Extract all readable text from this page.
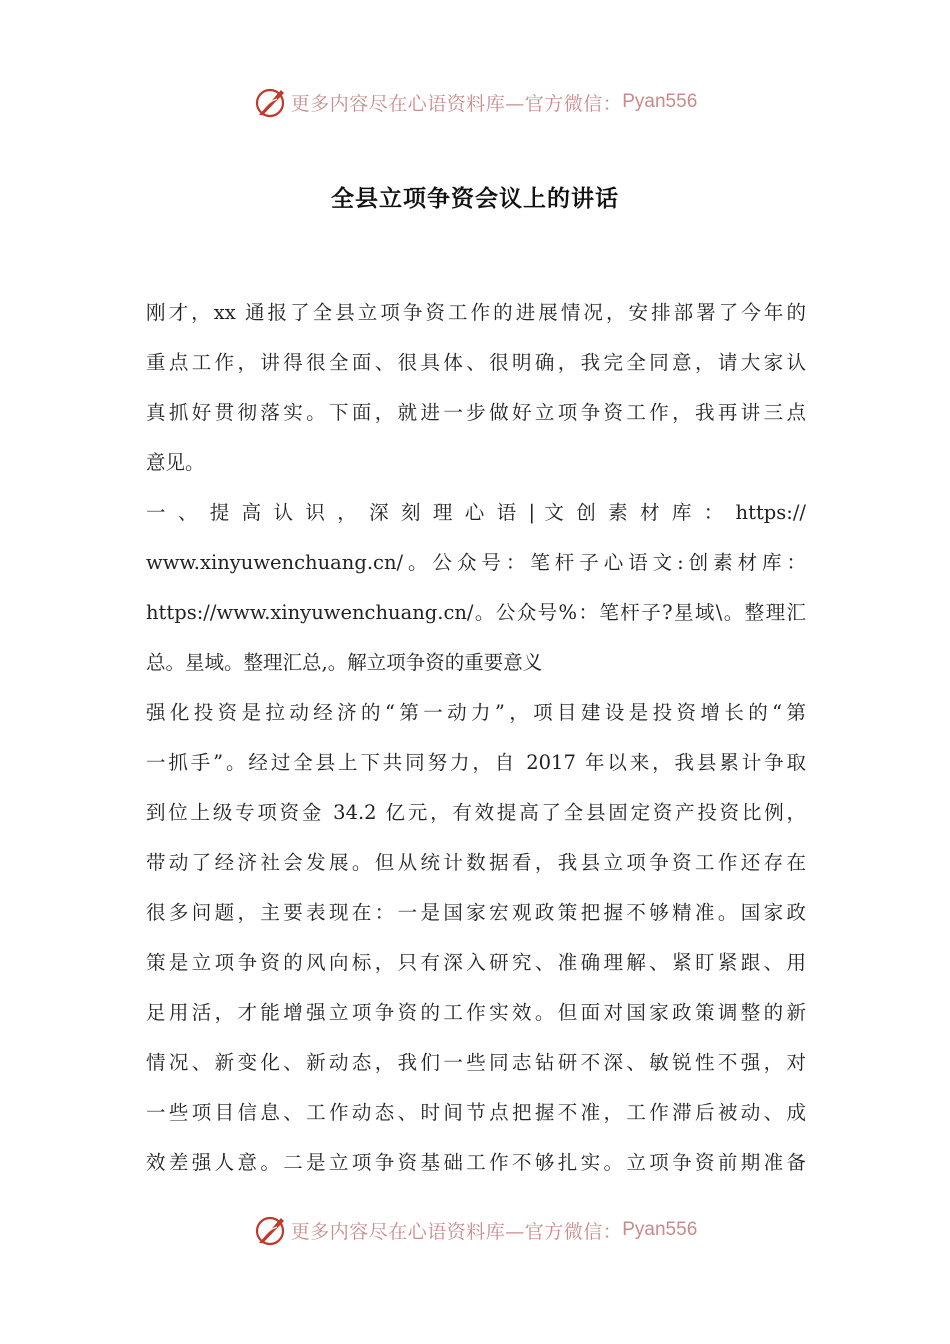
更多内容尽在心语资料库—官方微信： Pyan556
全县立项争资会议上的讲话
刚才，xx 通报了全县立项争资工作的进展情况，安排部署了今年的
重点工作，讲得很全面、很具体、很明确，我完全同意，请大家认
真抓好贯彻落实。下面，就进一步做好立项争资工作，我再讲三点
意见。
一 、 提 高 认 识 ， 深 刻 理 心 语 | 文 创 素 材 库 ： https://
www.xinyuwenchuang.cn/。公众号：笔杆子心语文:创素材库：
https://www.xinyuwenchuang.cn/。公众号%：笔杆子?星域\。整理汇
总。星域。整理汇总,。解立项争资的重要意义
强化投资是拉动经济的“第一动力”，项目建设是投资增长的“第
一抓手”。经过全县上下共同努力，自 2017 年以来，我县累计争取
到位上级专项资金 34.2 亿元，有效提高了全县固定资产投资比例，
带动了经济社会发展。但从统计数据看，我县立项争资工作还存在
很多问题，主要表现在：一是国家宏观政策把握不够精准。国家政
策是立项争资的风向标，只有深入研究、准确理解、紧盯紧跟、用
足用活，才能增强立项争资的工作实效。但面对国家政策调整的新
情况、新变化、新动态，我们一些同志钻研不深、敏锐性不强，对
一些项目信息、工作动态、时间节点把握不准，工作滞后被动、成
效差强人意。二是立项争资基础工作不够扎实。立项争资前期准备
更多内容尽在心语资料库—官方微信： Pyan556
